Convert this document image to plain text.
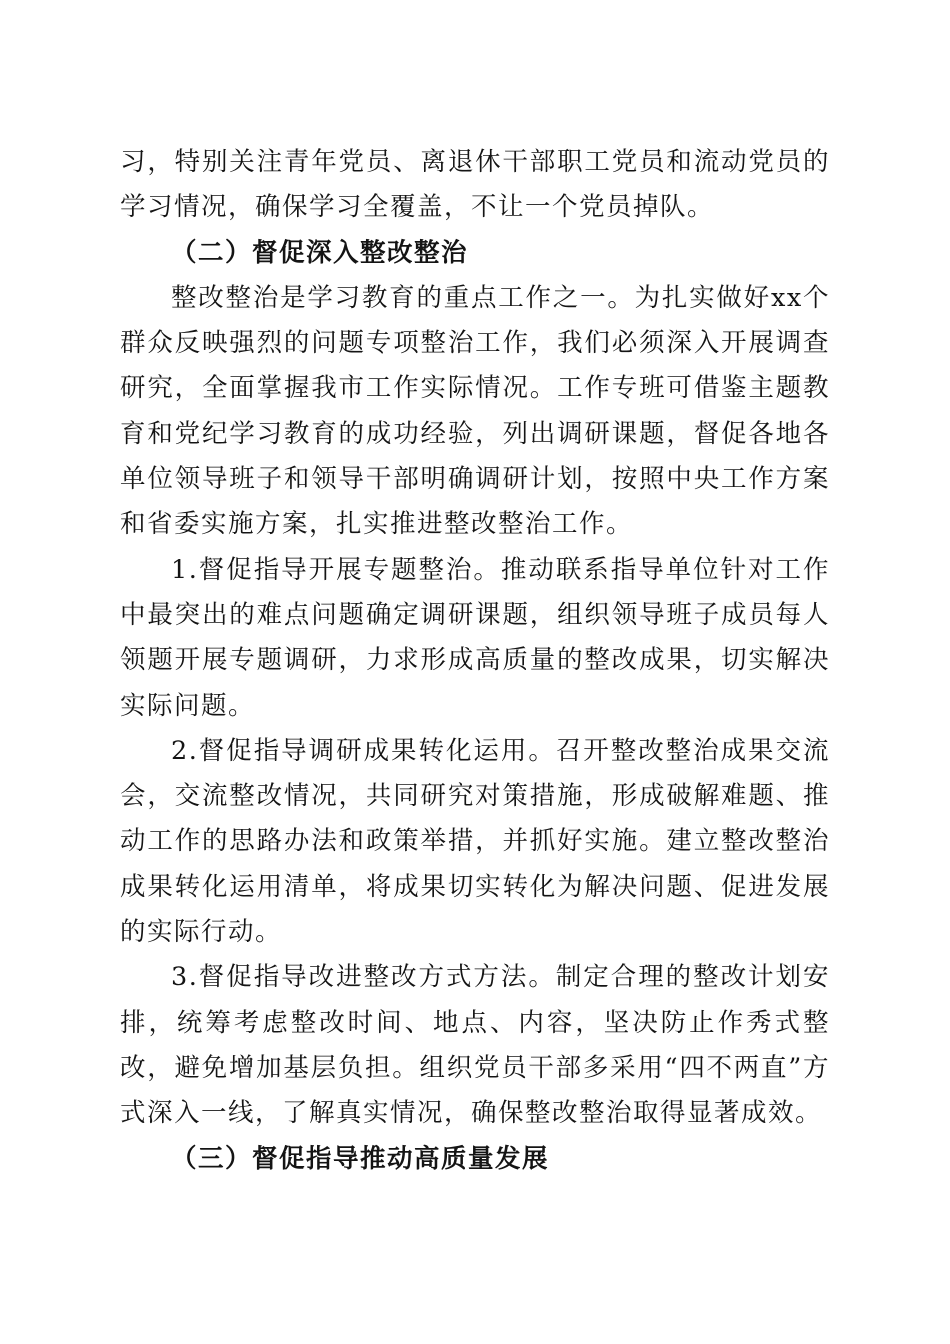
习，特别关注青年党员、离退休干部职工党员和流动党员的学习情况，确保学习全覆盖，不让一个党员掉队。

（二）督促深入整改整治

整改整治是学习教育的重点工作之一。为扎实做好xx个群众反映强烈的问题专项整治工作，我们必须深入开展调查研究，全面掌握我市工作实际情况。工作专班可借鉴主题教育和党纪学习教育的成功经验，列出调研课题，督促各地各单位领导班子和领导干部明确调研计划，按照中央工作方案和省委实施方案，扎实推进整改整治工作。

1.督促指导开展专题整治。推动联系指导单位针对工作中最突出的难点问题确定调研课题，组织领导班子成员每人领题开展专题调研，力求形成高质量的整改成果，切实解决实际问题。

2.督促指导调研成果转化运用。召开整改整治成果交流会，交流整改情况，共同研究对策措施，形成破解难题、推动工作的思路办法和政策举措，并抓好实施。建立整改整治成果转化运用清单，将成果切实转化为解决问题、促进发展的实际行动。

3.督促指导改进整改方式方法。制定合理的整改计划安排，统筹考虑整改时间、地点、内容，坚决防止作秀式整改，避免增加基层负担。组织党员干部多采用“四不两直”方式深入一线，了解真实情况，确保整改整治取得显著成效。

（三）督促指导推动高质量发展
